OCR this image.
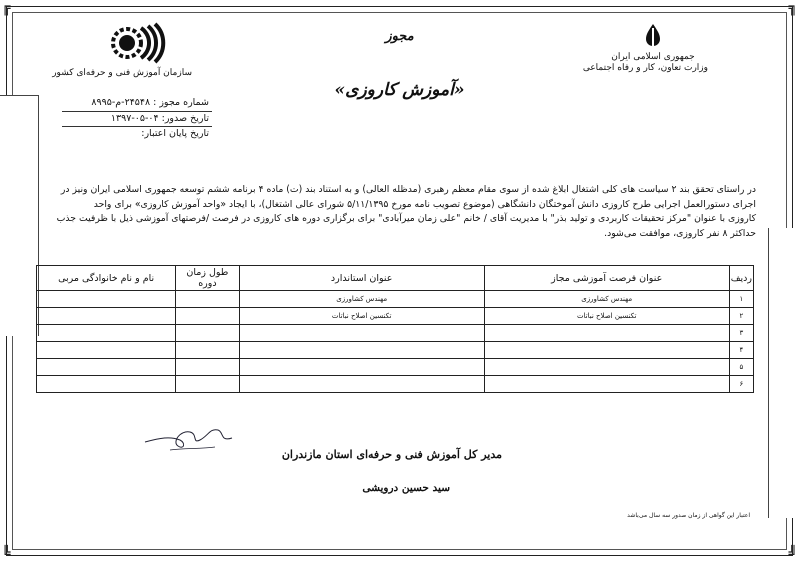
╔	╗
╚	╝
سازمان آموزش فنی و حرفه‌ای کشور
جمهوری اسلامی ایران
وزارت تعاون، کار و رفاه اجتماعی
مجوز
«آموزش کاروزی»
شماره مجوز : ۲۴۵۴۸-م-۸۹۹۵
تاریخ صدور: ۰۴-۰۵-۱۳۹۷
تاریخ پایان اعتبار:

در راستای تحقق بند ۲ سیاست های کلی اشتغال ابلاغ شده از سوی مقام معظم رهبری (مدظله العالی) و به استناد بند (ت) ماده ۴ برنامه ششم توسعه جمهوری اسلامی ایران ونیز در

اجرای دستورالعمل اجرایی طرح کاروزی دانش آموختگان دانشگاهی (موضوع تصویب نامه مورخ ۵/۱۱/۱۳۹۵ شورای عالی اشتغال)، با ایجاد «واحد آموزش کاروزی» برای واحد

کاروزی با عنوان "مرکز تحقیقات کاربردی و تولید بذر" با مدیریت آقای / خانم "علی زمان میرآبادی" برای برگزاری دوره های کاروزی در فرصت /فرصتهای آموزشی ذیل با ظرفیت جذب

حداکثر ۸ نفر کاروزی، موافقت می‌شود.

ردیف	عنوان فرصت آموزشی مجاز	عنوان استاندارد	طول زمان دوره	نام و نام خانوادگی مربی
۱	مهندس کشاورزی	مهندس کشاورزی		
۲	تکنسین اصلاح نباتات	تکنسین اصلاح نباتات		
۳				
۴				
۵				
۶				
مدیر کل آموزش فنی و حرفه‌ای استان مازندران
سید حسین درویشی
اعتبار این گواهی از زمان صدور سه سال می‌باشد
